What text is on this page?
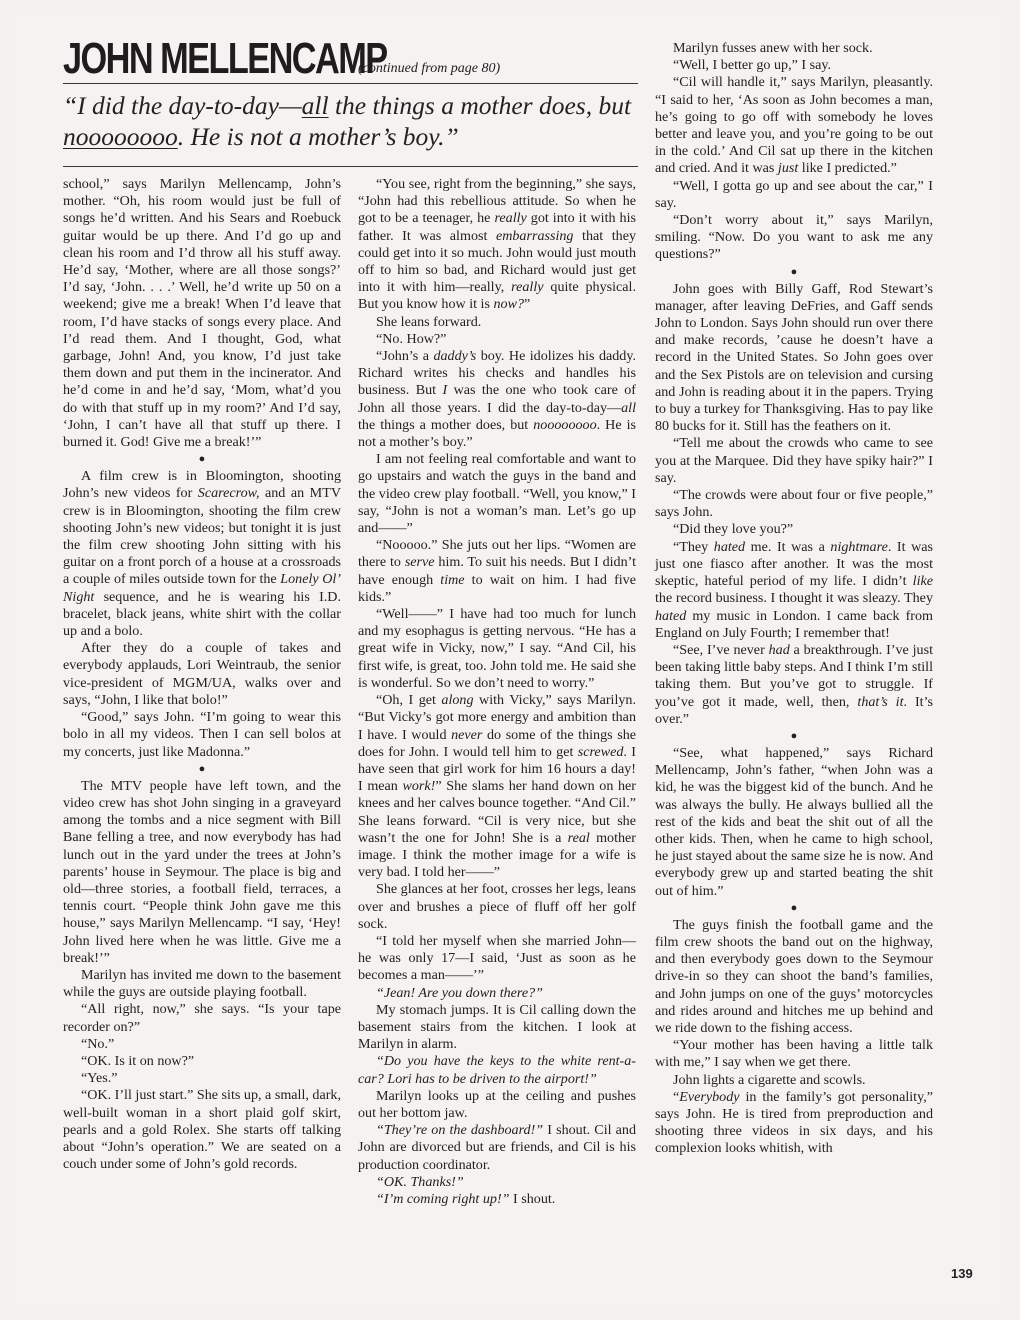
JOHN MELLENCAMP
(continued from page 80)
“I did the day-to-day—all the things a mother does, but noooooooo. He is not a mother’s boy.”

school,” says Marilyn Mellencamp, John’s mother. “Oh, his room would just be full of songs he’d written. And his Sears and Roebuck guitar would be up there. And I’d go up and clean his room and I’d throw all his stuff away. He’d say, ‘Mother, where are all those songs?’ I’d say, ‘John. . . .’ Well, he’d write up 50 on a weekend; give me a break! When I’d leave that room, I’d have stacks of songs every place. And I’d read them. And I thought, God, what garbage, John! And, you know, I’d just take them down and put them in the incinerator. And he’d come in and he’d say, ‘Mom, what’d you do with that stuff up in my room?’ And I’d say, ‘John, I can’t have all that stuff up there. I burned it. God! Give me a break!’”

●

A film crew is in Bloomington, shooting John’s new videos for Scarecrow, and an MTV crew is in Bloomington, shooting the film crew shooting John’s new videos; but tonight it is just the film crew shooting John sitting with his guitar on a front porch of a house at a crossroads a couple of miles outside town for the Lonely Ol’ Night sequence, and he is wearing his I.D. bracelet, black jeans, white shirt with the collar up and a bolo.

After they do a couple of takes and everybody applauds, Lori Weintraub, the senior vice-president of MGM/UA, walks over and says, “John, I like that bolo!”

“Good,” says John. “I’m going to wear this bolo in all my videos. Then I can sell bolos at my concerts, just like Madonna.”

●

The MTV people have left town, and the video crew has shot John singing in a graveyard among the tombs and a nice segment with Bill Bane felling a tree, and now everybody has had lunch out in the yard under the trees at John’s parents’ house in Seymour. The place is big and old—three stories, a football field, terraces, a tennis court. “People think John gave me this house,” says Marilyn Mellencamp. “I say, ‘Hey! John lived here when he was little. Give me a break!’”

Marilyn has invited me down to the basement while the guys are outside playing football.

“All right, now,” she says. “Is your tape recorder on?”

“No.”

“OK. Is it on now?”

“Yes.”

“OK. I’ll just start.” She sits up, a small, dark, well-built woman in a short plaid golf skirt, pearls and a gold Rolex. She starts off talking about “John’s operation.” We are seated on a couch under some of John’s gold records.

“You see, right from the beginning,” she says, “John had this rebellious attitude. So when he got to be a teenager, he really got into it with his father. It was almost embarrassing that they could get into it so much. John would just mouth off to him so bad, and Richard would just get into it with him—really, really quite physical. But you know how it is now?”

She leans forward.

“No. How?”

“John’s a daddy’s boy. He idolizes his daddy. Richard writes his checks and handles his business. But I was the one who took care of John all those years. I did the day-to-day—all the things a mother does, but noooooooo. He is not a mother’s boy.”

I am not feeling real comfortable and want to go upstairs and watch the guys in the band and the video crew play football. “Well, you know,” I say, “John is not a woman’s man. Let’s go up and——”

“Nooooo.” She juts out her lips. “Women are there to serve him. To suit his needs. But I didn’t have enough time to wait on him. I had five kids.”

“Well——” I have had too much for lunch and my esophagus is getting nervous. “He has a great wife in Vicky, now,” I say. “And Cil, his first wife, is great, too. John told me. He said she is wonderful. So we don’t need to worry.”

“Oh, I get along with Vicky,” says Marilyn. “But Vicky’s got more energy and ambition than I have. I would never do some of the things she does for John. I would tell him to get screwed. I have seen that girl work for him 16 hours a day! I mean work!” She slams her hand down on her knees and her calves bounce together. “And Cil.” She leans forward. “Cil is very nice, but she wasn’t the one for John! She is a real mother image. I think the mother image for a wife is very bad. I told her——”

She glances at her foot, crosses her legs, leans over and brushes a piece of fluff off her golf sock.

“I told her myself when she married John—he was only 17—I said, ‘Just as soon as he becomes a man——’”

“Jean! Are you down there?”

My stomach jumps. It is Cil calling down the basement stairs from the kitchen. I look at Marilyn in alarm.

“Do you have the keys to the white rent-a-car? Lori has to be driven to the airport!”

Marilyn looks up at the ceiling and pushes out her bottom jaw.

“They’re on the dashboard!” I shout. Cil and John are divorced but are friends, and Cil is his production coordinator.

“OK. Thanks!”

“I’m coming right up!” I shout.

Marilyn fusses anew with her sock.

“Well, I better go up,” I say.

“Cil will handle it,” says Marilyn, pleasantly. “I said to her, ‘As soon as John becomes a man, he’s going to go off with somebody he loves better and leave you, and you’re going to be out in the cold.’ And Cil sat up there in the kitchen and cried. And it was just like I predicted.”

“Well, I gotta go up and see about the car,” I say.

“Don’t worry about it,” says Marilyn, smiling. “Now. Do you want to ask me any questions?”

●

John goes with Billy Gaff, Rod Stewart’s manager, after leaving DeFries, and Gaff sends John to London. Says John should run over there and make records, ’cause he doesn’t have a record in the United States. So John goes over and the Sex Pistols are on television and cursing and John is reading about it in the papers. Trying to buy a turkey for Thanksgiving. Has to pay like 80 bucks for it. Still has the feathers on it.

“Tell me about the crowds who came to see you at the Marquee. Did they have spiky hair?” I say.

“The crowds were about four or five people,” says John.

“Did they love you?”

“They hated me. It was a nightmare. It was just one fiasco after another. It was the most skeptic, hateful period of my life. I didn’t like the record business. I thought it was sleazy. They hated my music in London. I came back from England on July Fourth; I remember that!

“See, I’ve never had a breakthrough. I’ve just been taking little baby steps. And I think I’m still taking them. But you’ve got to struggle. If you’ve got it made, well, then, that’s it. It’s over.”

●

“See, what happened,” says Richard Mellencamp, John’s father, “when John was a kid, he was the biggest kid of the bunch. And he was always the bully. He always bullied all the rest of the kids and beat the shit out of all the other kids. Then, when he came to high school, he just stayed about the same size he is now. And everybody grew up and started beating the shit out of him.”

●

The guys finish the football game and the film crew shoots the band out on the highway, and then everybody goes down to the Seymour drive-in so they can shoot the band’s families, and John jumps on one of the guys’ motorcycles and rides around and hitches me up behind and we ride down to the fishing access.

“Your mother has been having a little talk with me,” I say when we get there.

John lights a cigarette and scowls.

“Everybody in the family’s got personality,” says John. He is tired from preproduction and shooting three videos in six days, and his complexion looks whitish, with

139
